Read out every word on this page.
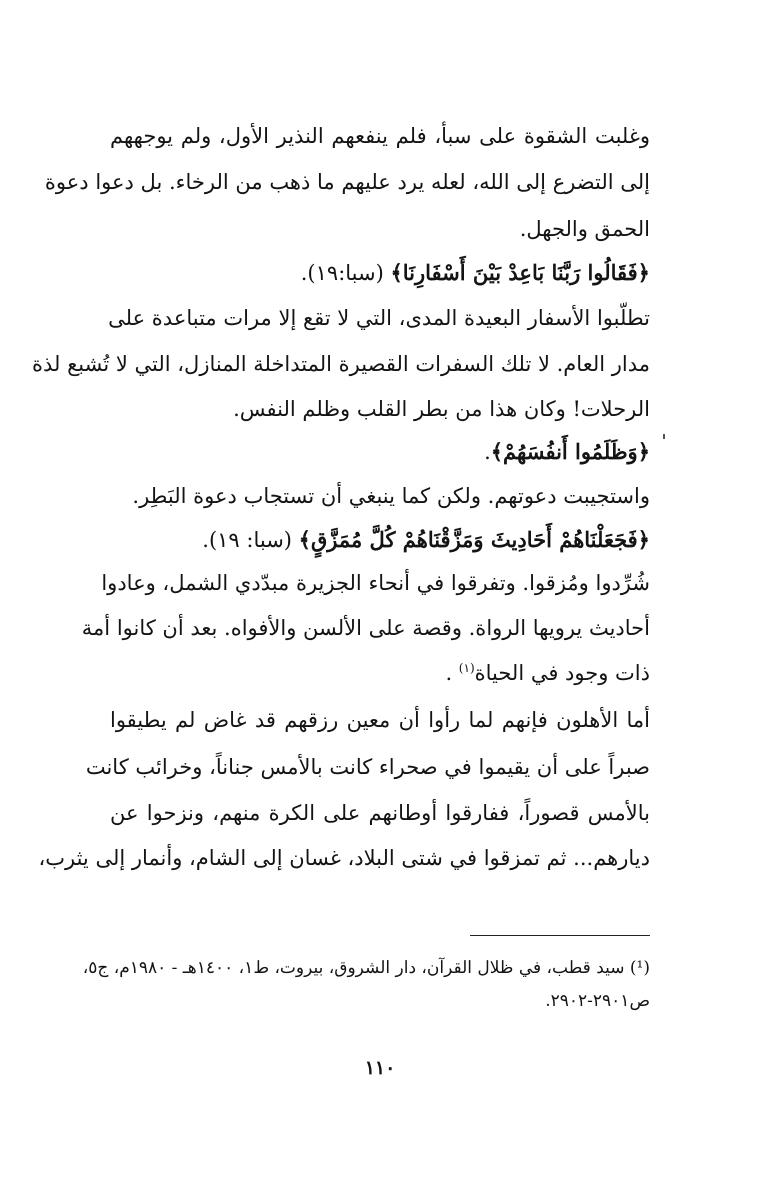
وغلبت الشقوة على سبأ، فلم ينفعهم النذير الأول، ولم يوجههم
إلى التضرع إلى الله، لعله يرد عليهم ما ذهب من الرخاء. بل دعوا دعوة
الحمق والجهل.
﴿فَقَالُوا رَبَّنَا بَاعِدْ بَيْنَ أَسْفَارِنَا﴾ (سبا:١٩).
تطلّبوا الأسفار البعيدة المدى، التي لا تقع إلا مرات متباعدة على
مدار العام. لا تلك السفرات القصيرة المتداخلة المنازل، التي لا تُشبع لذة
الرحلات! وكان هذا من بطر القلب وظلم النفس.
﴿وَظَلَمُوا أَنفُسَهُمْ﴾.
واستجيبت دعوتهم. ولكن كما ينبغي أن تستجاب دعوة البَطِر.
﴿فَجَعَلْنَاهُمْ أَحَادِيثَ وَمَزَّقْنَاهُمْ كُلَّ مُمَزَّقٍ﴾ (سبا: ١٩).
شُرِّدوا ومُزقوا. وتفرقوا في أنحاء الجزيرة مبدّدي الشمل، وعادوا
أحاديث يرويها الرواة. وقصة على الألسن والأفواه. بعد أن كانوا أمة
ذات وجود في الحياة$^{(١)}$ .
أما الأهلون فإنهم لما رأوا أن معين رزقهم قد غاض لم يطيقوا
صبراً على أن يقيموا في صحراء كانت بالأمس جناناً، وخرائب كانت
بالأمس قصوراً، ففارقوا أوطانهم على الكرة منهم، ونزحوا عن
ديارهم... ثم تمزقوا في شتى البلاد، غسان إلى الشام، وأنمار إلى يثرب،
(¹) سيد قطب، في ظلال القرآن، دار الشروق، بيروت، ط١، ١٤٠٠هـ - ١٩٨٠م، ج٥،
ص٢٩٠١-٢٩٠٢.
١١٠
